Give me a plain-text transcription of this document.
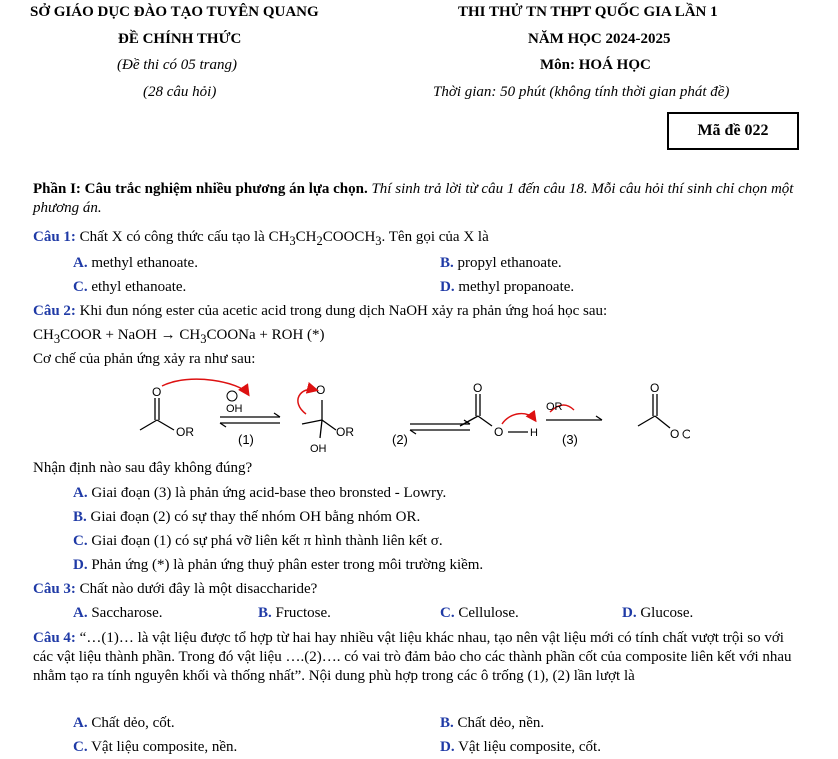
SỞ GIÁO DỤC ĐÀO TẠO TUYÊN QUANG
ĐỀ CHÍNH THỨC
(Đề thi có 05 trang)
(28 câu hỏi)
THI THỬ TN THPT QUỐC GIA LẦN 1
NĂM HỌC 2024-2025
Môn: HOÁ HỌC
Thời gian: 50 phút (không tính thời gian phát đề)
Mã đề 022
Phần I: Câu trắc nghiệm nhiều phương án lựa chọn. Thí sinh trả lời từ câu 1 đến câu 18. Mỗi câu hỏi thí sinh chỉ chọn một phương án.
Câu 1: Chất X có công thức cấu tạo là $CH_3CH_2COOCH_3$. Tên gọi của X là
A. methyl ethanoate.	B. propyl ethanoate.
C. ethyl ethanoate.	D. methyl propanoate.
Câu 2: Khi đun nóng ester của acetic acid trong dung dịch NaOH xảy ra phản ứng hoá học sau:
$CH_3COOR$ + NaOH → $CH_3COONa$ + ROH (*)
Cơ chế của phản ứng xảy ra như sau:
O
OR
OH
(1)
O
OR
OH
(2)
O
O H
OR
(3)
O
O
Nhận định nào sau đây không đúng?
A. Giai đoạn (3) là phản ứng acid-base theo bronsted - Lowry.
B. Giai đoạn (2) có sự thay thế nhóm OH bằng nhóm OR.
C. Giai đoạn (1) có sự phá vỡ liên kết π hình thành liên kết σ.
D. Phản ứng (*) là phản ứng thuỷ phân ester trong môi trường kiềm.
Câu 3: Chất nào dưới đây là một disaccharide?
A. Saccharose.	B. Fructose.	C. Cellulose.	D. Glucose.
Câu 4: “…(1)… là vật liệu được tổ hợp từ hai hay nhiều vật liệu khác nhau, tạo nên vật liệu mới có tính chất vượt trội so với các vật liệu thành phần. Trong đó vật liệu ….(2)…. có vai trò đảm bảo cho các thành phần cốt của composite liên kết với nhau nhằm tạo ra tính nguyên khối và thống nhất”. Nội dung phù hợp trong các ô trống (1), (2) lần lượt là
A. Chất dẻo, cốt.	B. Chất dẻo, nền.
C. Vật liệu composite, nền.	D. Vật liệu composite, cốt.
